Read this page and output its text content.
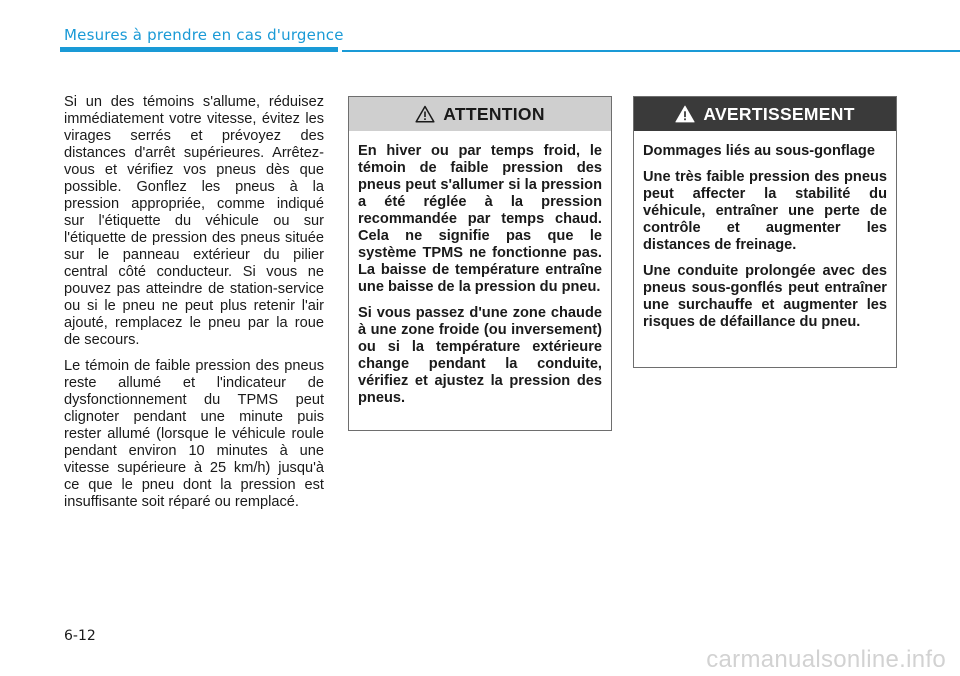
Mesures à prendre en cas d'urgence

Si un des témoins s'allume, réduisez immédiatement votre vitesse, évitez les virages serrés et prévoyez des distances d'arrêt supérieures. Arrêtez-vous et vérifiez vos pneus dès que possible. Gonflez les pneus à la pression appropriée, comme indiqué sur l'étiquette du véhicule ou sur l'étiquette de pression des pneus située sur le panneau extérieur du pilier central côté conducteur. Si vous ne pouvez pas atteindre de station-service ou si le pneu ne peut plus retenir l'air ajouté, remplacez le pneu par la roue de secours.

Le témoin de faible pression des pneus reste allumé et l'indicateur de dysfonctionnement du TPMS peut clignoter pendant une minute puis rester allumé (lorsque le véhicule roule pendant environ 10 minutes à une vitesse supérieure à 25 km/h) jusqu'à ce que le pneu dont la pression est insuffisante soit réparé ou remplacé.

ATTENTION

En hiver ou par temps froid, le témoin de faible pression des pneus peut s'allumer si la pression a été réglée à la pression recommandée par temps chaud. Cela ne signifie pas que le système TPMS ne fonctionne pas. La baisse de température entraîne une baisse de la pression du pneu.

Si vous passez d'une zone chaude à une zone froide (ou inversement) ou si la température extérieure change pendant la conduite, vérifiez et ajustez la pression des pneus.

AVERTISSEMENT

Dommages liés au sous-gonflage

Une très faible pression des pneus peut affecter la stabilité du véhicule, entraîner une perte de contrôle et augmenter les distances de freinage.

Une conduite prolongée avec des pneus sous-gonflés peut entraîner une surchauffe et augmenter les risques de défaillance du pneu.

6-12
carmanualsonline.info
